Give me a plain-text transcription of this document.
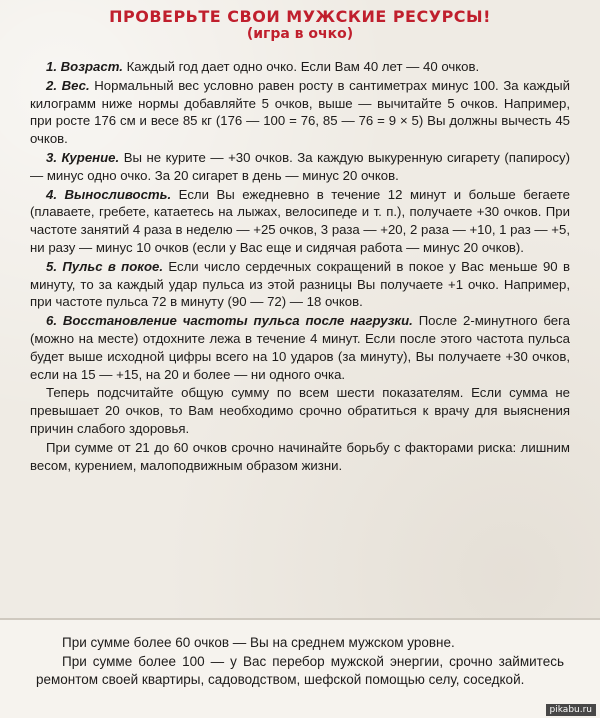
ПРОВЕРЬТЕ СВОИ МУЖСКИЕ РЕСУРСЫ!
(игра в очко)

1. Возраст. Каждый год дает одно очко. Если Вам 40 лет — 40 очков.

2. Вес. Нормальный вес условно равен росту в сантиметрах минус 100. За каждый килограмм ниже нормы добавляйте 5 очков, выше — вычитайте 5 очков. Например, при росте 176 см и весе 85 кг (176 — 100 = 76, 85 — 76 = 9 × 5) Вы должны вычесть 45 очков.

3. Курение. Вы не курите — +30 очков. За каждую выкуренную сигарету (папиросу) — минус одно очко. За 20 сигарет в день — минус 20 очков.

4. Выносливость. Если Вы ежедневно в течение 12 минут и больше бегаете (плаваете, гребете, катаетесь на лыжах, велосипеде и т. п.), получаете +30 очков. При частоте занятий 4 раза в неделю — +25 очков, 3 раза — +20, 2 раза — +10, 1 раз — +5, ни разу — минус 10 очков (если у Вас еще и сидячая работа — минус 20 очков).

5. Пульс в покое. Если число сердечных сокращений в покое у Вас меньше 90 в минуту, то за каждый удар пульса из этой разницы Вы получаете +1 очко. Например, при частоте пульса 72 в минуту (90 — 72) — 18 очков.

6. Восстановление частоты пульса после нагрузки. После 2-минутного бега (можно на месте) отдохните лежа в течение 4 минут. Если после этого частота пульса будет выше исходной цифры всего на 10 ударов (за минуту), Вы получаете +30 очков, если на 15 — +15, на 20 и более — ни одного очка.

Теперь подсчитайте общую сумму по всем шести показателям. Если сумма не превышает 20 очков, то Вам необходимо срочно обратиться к врачу для выяснения причин слабого здоровья.

При сумме от 21 до 60 очков срочно начинайте борьбу с факторами риска: лишним весом, курением, малоподвижным образом жизни.

При сумме более 60 очков — Вы на среднем мужском уровне.

При сумме более 100 — у Вас перебор мужской энергии, срочно займитесь ремонтом своей квартиры, садоводством, шефской помощью селу, соседкой.

pikabu.ru
